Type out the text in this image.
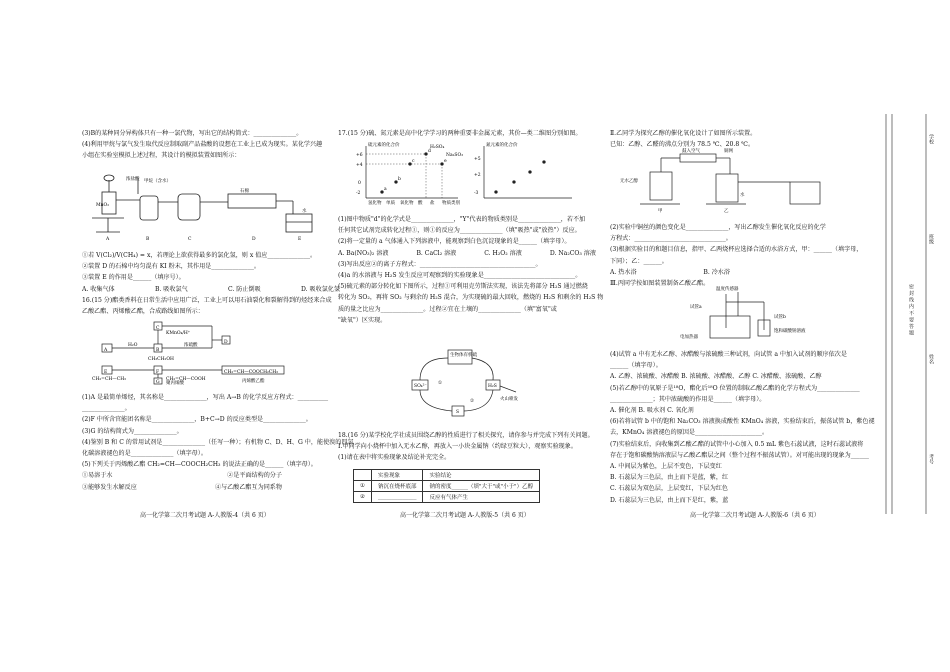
(3)B的某种同分异构体只有一种一氯代物，写出它的结构简式：______________。

(4)利用甲烷与氯气发生取代反应制取副产品盐酸的设想在工业上已成为现实。某化学兴趣

小组在实验室模拟上述过程，其设计的模拟装置如图所示：

浓盐酸 甲烷（含水）
MnO₂
石棉
水
A	B	C	D	E

①若 V(Cl₂)/V(CH₄) = x，若理论上欲获得最多的氯化氢，则 x 值应______________。

②装置 D 的石棉中均匀混有 KI 粉末，其作用是______________。

③装置 E 的作用是______（填序号）。

A. 收集气体	B. 吸收氯气	C. 防止倒吸	D. 吸收氯化氢

16.(15 分)酯类香料在日常生活中应用广泛，工业上可以用石油裂化和裂解得到的烃经来合成

乙酸乙酯、丙烯酸乙酯，合成路线如图所示：

C
KMnO₄/H⁺
D
A
H₂O
B
CH₃CH₂OH
浓硫酸
E	F	CH₂=CH—COOCH₂CH₃
CH₂=CH—CH₃	CH₂=CH—COOH	丙烯酸乙酯
G 聚丙烯酸

(1)A 是最简单烯烃，其名称是______________，写出 A→B 的化学反应方程式：__________

______________。

(2)F 中所含官能团名称是______________，B+C→D 的反应类型是______________。

(3)G 的结构简式为______________。

(4)鉴别 B 和 C 的常用试剂是______________（任写一种）；有机物 C、D、H、G 中，能使溴的四氯

化碳溶液褪色的是______________（填字母）。

(5)下列关于丙烯酸乙酯 CH₂=CH—COOCH₂CH₃ 的说法正确的是______（填字母）。

①易溶于水	②是平面结构的分子

③能够发生水解反应	④与乙酸乙酯互为同系物

高一化学第二次月考试题 A-人教版-4（共 6 页）

17.(15 分)硫、氮元素是高中化学学习的两种重要非金属元素，其价—类二维图分别如图。

硫元素的化合价	氮元素的化合价
+6
+4
0
-2
+5
+2
-3
a
b
c
d
e
H₂SO₄
Na₂SO₃
氢化物 单质 氧化物 酸 盐 物质类别

(1)图中物质"d"的化学式是______________，"Y"代表的物质类别是______________，若不加

任何其它试剂完成转化过程①，则①的反应为______________（填"吸热"或"放热"）反应。

(2)将一定量的 a 气体通入下列溶液中，能观察到白色沉淀现象的是______（填字母）。

A. Ba(NO₃)₂ 溶液	B. CaCl₂ 溶液	C. H₂O₂ 溶液	D. Na₂CO₃ 溶液

(3)写出反应②的离子方程式：______________________________________。

(4)a 的水溶液与 H₂S 发生反应可观察到的实验现象是______________________________。

(5)硫元素的部分转化如下图所示，过程①可利用克劳斯法实现，该法先将部分 H₂S 通过燃烧

转化为 SO₂，再将 SO₂ 与剩余的 H₂S 混合，为实现硫的最大回收，燃烧的 H₂S 和剩余的 H₂S 物

质的量之比应为______________。过程②宜在土壤的______________（填"富氧"或

"缺氧"）区实现。

生物体有机硫
SO₄²⁻	H₂S
S
火山喷发
①
②

18.(16 分)某学校化学社成员围绕乙醇的性质进行了相关探究，请你参与并完成下列有关问题。

Ⅰ.甲同学向小烧杯中加入无水乙醇，再放入一小块金属钠（约绿豆粒大），观察实验现象。

(1)请在表中将实验现象及结论补充完全。

	实验现象	实验结论
①	钠沉在烧杯底部	钠的密度______（填"大于"或"小于"）乙醇
②	______________	反应有气体产生
高一化学第二次月考试题 A-人教版-5（共 6 页）

Ⅱ.乙同学为探究乙醇的催化氧化设计了如图所示装置。

已知：乙醇、乙醛的沸点分别为 78.5 ℃、20.8 ℃。

鼓入空气	铜网
无水乙醇
甲	乙
水

(2)实验中铜丝的颜色变化是______________，写出乙醇发生催化氧化反应的化学

方程式：______________________________。

(3)根据实验目的和题目信息，指甲、乙两烧杯应选择合适的水浴方式，甲：______（填字母，

下同）；乙：______。

A. 热水浴	B. 冷水浴

Ⅲ.丙同学按如图装置制备乙酸乙酯。

温度传感器
试管a
试管b
饱和碳酸钠溶液
电加热器

(4)试管 a 中有无水乙醇、冰醋酸与浓硫酸三种试剂，向试管 a 中加入试剂的顺序依次是

______（填字母）。

A. 乙醇、浓硫酸、冰醋酸 B. 浓硫酸、冰醋酸、乙醇 C. 冰醋酸、浓硫酸、乙醇

(5)若乙醇中的氧原子是¹⁸O，酯化后¹⁸O 位置的制取乙酸乙酯的化学方程式为______________

______________；其中浓硫酸的作用是______（填字母）。

A. 催化剂 B. 吸水剂 C. 氧化剂

(6)若将试管 b 中的饱和 Na₂CO₃ 溶液换成酸性 KMnO₄ 溶液，实验结束后，振荡试管 b，紫色褪

去，KMnO₄ 溶液褪色的原因是______________________。

(7)实验结束后，向收集到乙酸乙酯的试管中小心加入 0.5 mL 紫色石蕊试液，这时石蕊试液将

存在于饱和碳酸钠溶液层与乙酸乙酯层之间（整个过程不振荡试管）。对可能出现的现象为______

A. 中间层为紫色，上层不变色，下层变红

B. 石蕊层为三色层，由上而下是蓝，紫，红

C. 石蕊层为双色层，上层变红，下层为红色

D. 石蕊层为三色层，由上而下是红，紫，蓝

高一化学第二次月考试题 A-人教版-6（共 6 页）
密 封 线 内 不 要 答 题
学校
班级
姓名
考号
